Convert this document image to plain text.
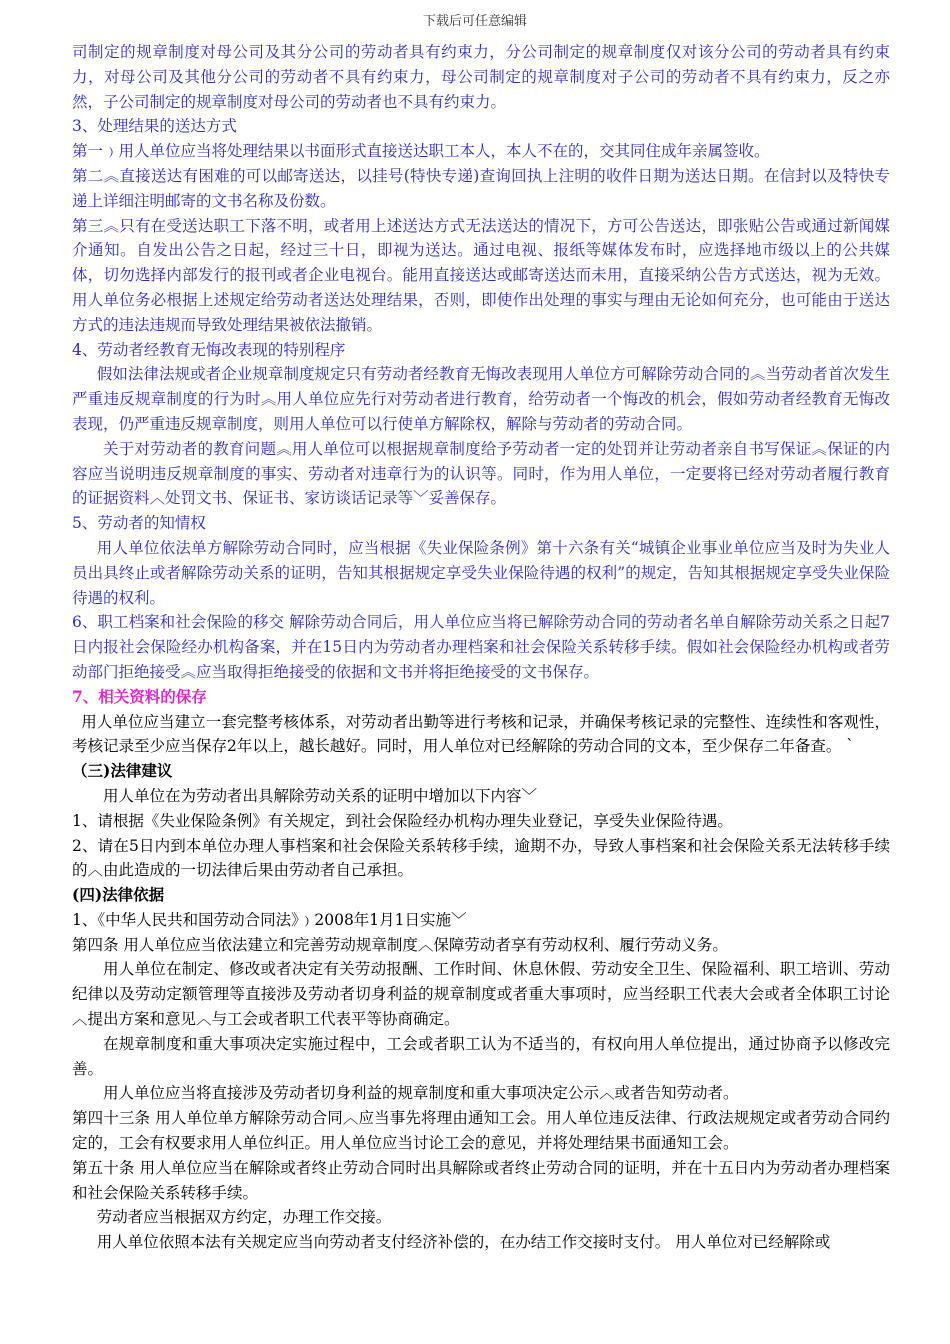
下载后可任意编辑

司制定的规章制度对母公司及其分公司的劳动者具有约束力，分公司制定的规章制度仅对该分公司的劳动者具有约束力，对母公司及其他分公司的劳动者不具有约束力，母公司制定的规章制度对子公司的劳动者不具有约束力，反之亦然，子公司制定的规章制度对母公司的劳动者也不具有约束力。

3、处理结果的送达方式

第一﹚用人单位应当将处理结果以书面形式直接送达职工本人，本人不在的，交其同住成年亲属签收。

第二︽直接送达有困难的可以邮寄送达，以挂号(特快专递)查询回执上注明的收件日期为送达日期。在信封以及特快专递上详细注明邮寄的文书名称及份数。

第三︽只有在受送达职工下落不明，或者用上述送达方式无法送达的情况下，方可公告送达，即张贴公告或通过新闻媒介通知。自发出公告之日起，经过三十日，即视为送达。通过电视、报纸等媒体发布时，应选择地市级以上的公共媒体，切勿选择内部发行的报刊或者企业电视台。能用直接送达或邮寄送达而未用，直接采纳公告方式送达，视为无效。 用人单位务必根据上述规定给劳动者送达处理结果，否则，即使作出处理的事实与理由无论如何充分，也可能由于送达方式的违法违规而导致处理结果被依法撤销。

4、劳动者经教育无悔改表现的特别程序

假如法律法规或者企业规章制度规定只有劳动者经教育无悔改表现用人单位方可解除劳动合同的︽当劳动者首次发生严重违反规章制度的行为时︽用人单位应先行对劳动者进行教育，给劳动者一个悔改的机会，假如劳动者经教育无悔改表现，仍严重违反规章制度，则用人单位可以行使单方解除权，解除与劳动者的劳动合同。

关于对劳动者的教育问题︽用人单位可以根据规章制度给予劳动者一定的处罚并让劳动者亲自书写保证︽保证的内容应当说明违反规章制度的事实、劳动者对违章行为的认识等。同时，作为用人单位，一定要将已经对劳动者履行教育的证据资料︿处罚文书、保证书、家访谈话记录等﹀妥善保存。

5、劳动者的知情权

用人单位依法单方解除劳动合同时，应当根据《失业保险条例》第十六条有关“城镇企业事业单位应当及时为失业人员出具终止或者解除劳动关系的证明，告知其根据规定享受失业保险待遇的权利”的规定，告知其根据规定享受失业保险待遇的权利。

6、职工档案和社会保险的移交 解除劳动合同后，用人单位应当将已解除劳动合同的劳动者名单自解除劳动关系之日起7日内报社会保险经办机构备案，并在15日内为劳动者办理档案和社会保险关系转移手续。假如社会保险经办机构或者劳动部门拒绝接受︽应当取得拒绝接受的依据和文书并将拒绝接受的文书保存。

7、相关资料的保存

用人单位应当建立一套完整考核体系，对劳动者出勤等进行考核和记录，并确保考核记录的完整性、连续性和客观性，考核记录至少应当保存2年以上，越长越好。同时，用人单位对已经解除的劳动合同的文本，至少保存二年备查。 ˋ

（三)法律建议

用人单位在为劳动者出具解除劳动关系的证明中增加以下内容﹀

1、请根据《失业保险条例》有关规定，到社会保险经办机构办理失业登记，享受失业保险待遇。

2、请在5日内到本单位办理人事档案和社会保险关系转移手续，逾期不办，导致人事档案和社会保险关系无法转移手续的︿由此造成的一切法律后果由劳动者自己承担。

(四)法律依据

1、《中华人民共和国劳动合同法》﹚2008年1月1日实施﹀

第四条 用人单位应当依法建立和完善劳动规章制度︿保障劳动者享有劳动权利、履行劳动义务。

用人单位在制定、修改或者决定有关劳动报酬、工作时间、休息休假、劳动安全卫生、保险福利、职工培训、劳动纪律以及劳动定额管理等直接涉及劳动者切身利益的规章制度或者重大事项时，应当经职工代表大会或者全体职工讨论︿提出方案和意见︿与工会或者职工代表平等协商确定。

在规章制度和重大事项决定实施过程中，工会或者职工认为不适当的，有权向用人单位提出，通过协商予以修改完善。

用人单位应当将直接涉及劳动者切身利益的规章制度和重大事项决定公示︿或者告知劳动者。

第四十三条 用人单位单方解除劳动合同︿应当事先将理由通知工会。用人单位违反法律、行政法规规定或者劳动合同约定的，工会有权要求用人单位纠正。用人单位应当讨论工会的意见，并将处理结果书面通知工会。

第五十条 用人单位应当在解除或者终止劳动合同时出具解除或者终止劳动合同的证明，并在十五日内为劳动者办理档案和社会保险关系转移手续。

劳动者应当根据双方约定，办理工作交接。

用人单位依照本法有关规定应当向劳动者支付经济补偿的，在办结工作交接时支付。 用人单位对已经解除或
